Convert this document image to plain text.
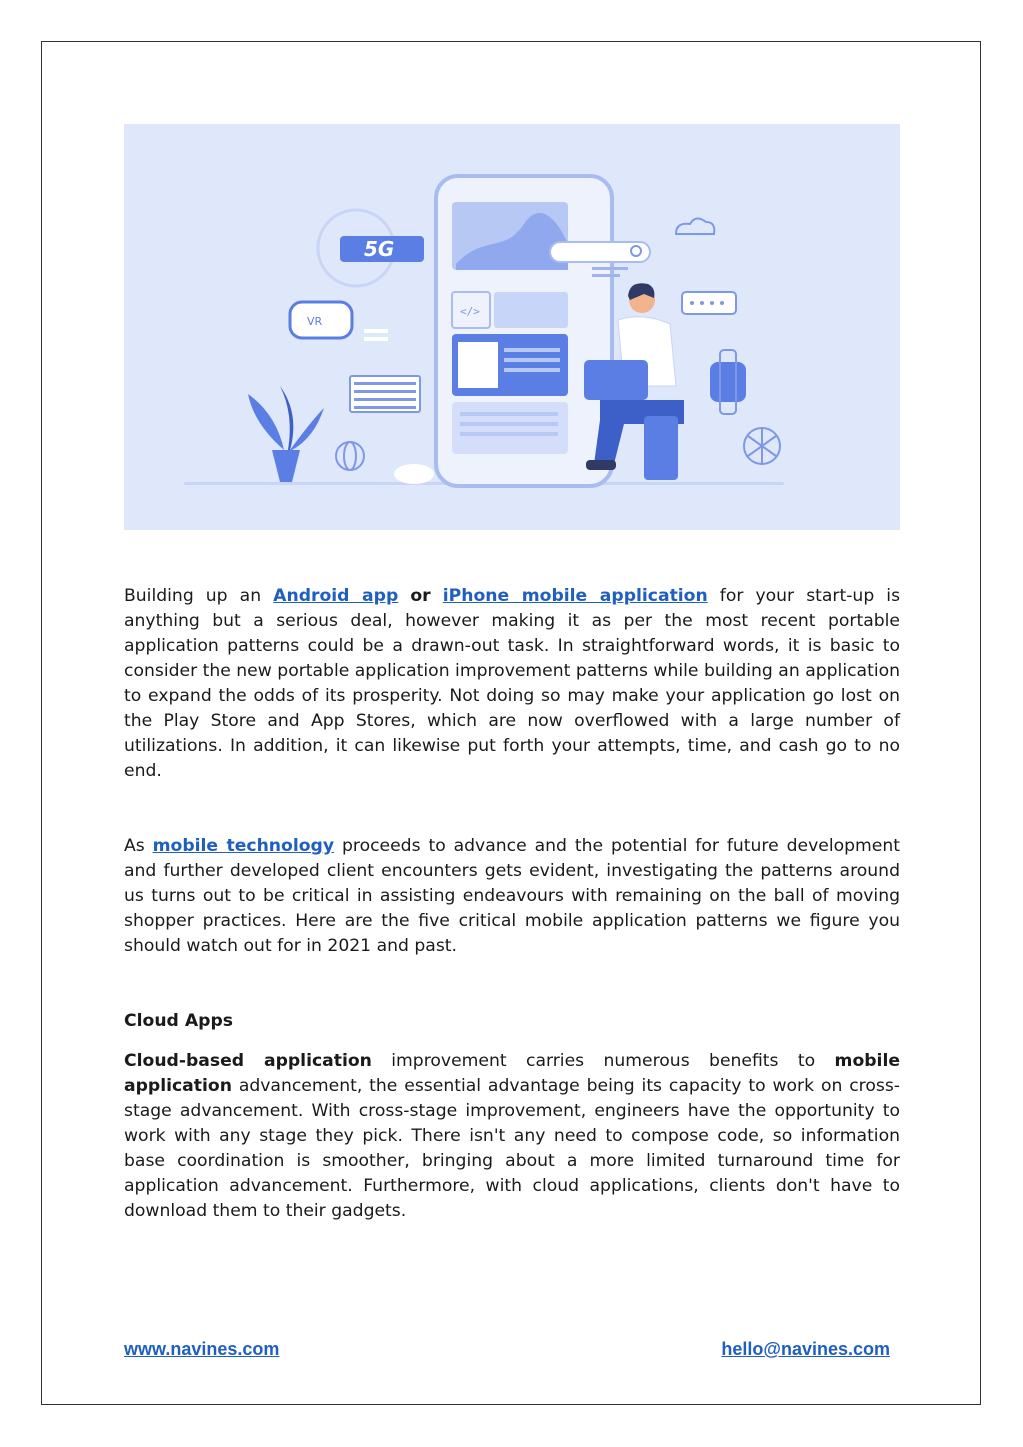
</>
5G
VR
Building up an Android app or iPhone mobile application for your start-up is anything but a serious deal, however making it as per the most recent portable application patterns could be a drawn-out task. In straightforward words, it is basic to consider the new portable application improvement patterns while building an application to expand the odds of its prosperity. Not doing so may make your application go lost on the Play Store and App Stores, which are now overflowed with a large number of utilizations. In addition, it can likewise put forth your attempts, time, and cash go to no end.
As mobile technology proceeds to advance and the potential for future development and further developed client encounters gets evident, investigating the patterns around us turns out to be critical in assisting endeavours with remaining on the ball of moving shopper practices. Here are the five critical mobile application patterns we figure you should watch out for in 2021 and past.
Cloud Apps
Cloud-based application improvement carries numerous benefits to mobile application advancement, the essential advantage being its capacity to work on cross-stage advancement. With cross-stage improvement, engineers have the opportunity to work with any stage they pick. There isn't any need to compose code, so information base coordination is smoother, bringing about a more limited turnaround time for application advancement. Furthermore, with cloud applications, clients don't have to download them to their gadgets.
www.navines.com	hello@navines.com
